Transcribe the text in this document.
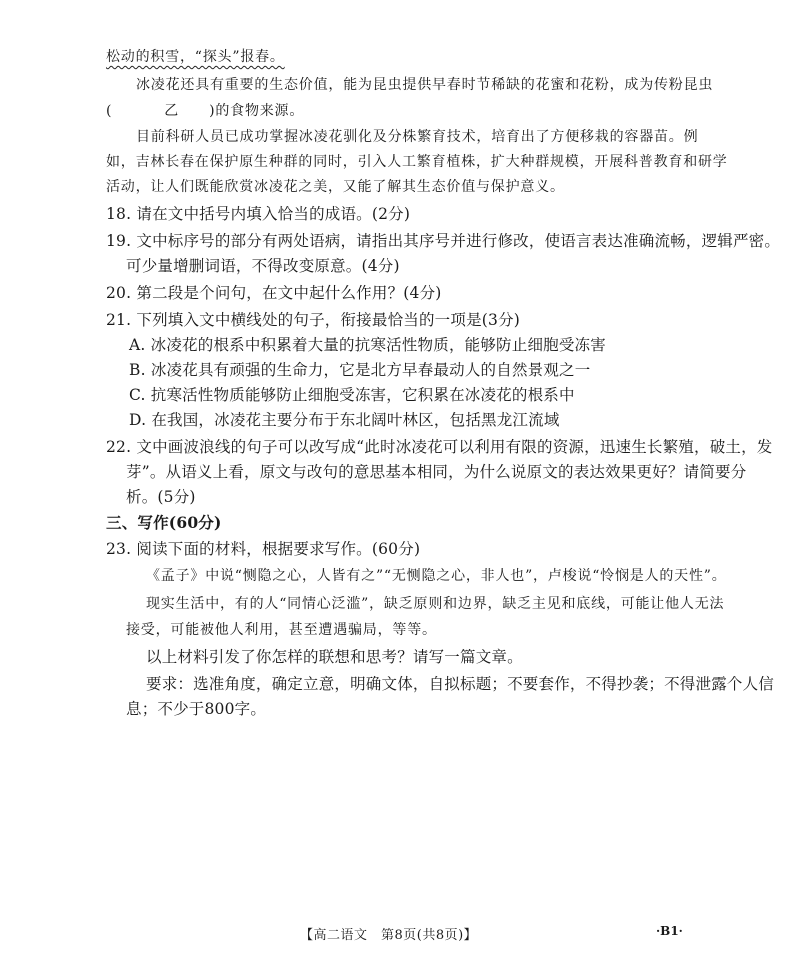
松动的积雪，“探头”报春。
冰凌花还具有重要的生态价值，能为昆虫提供早春时节稀缺的花蜜和花粉，成为传粉昆虫
(	乙 )的食物来源。
目前科研人员已成功掌握冰凌花驯化及分株繁育技术，培育出了方便移栽的容器苗。例
如，吉林长春在保护原生种群的同时，引入人工繁育植株，扩大种群规模，开展科普教育和研学
活动，让人们既能欣赏冰凌花之美，又能了解其生态价值与保护意义。
18. 请在文中括号内填入恰当的成语。(2分)
19. 文中标序号的部分有两处语病，请指出其序号并进行修改，使语言表达准确流畅，逻辑严密。
可少量增删词语，不得改变原意。(4分)
20. 第二段是个问句，在文中起什么作用？(4分)
21. 下列填入文中横线处的句子，衔接最恰当的一项是(3分)
A. 冰凌花的根系中积累着大量的抗寒活性物质，能够防止细胞受冻害
B. 冰凌花具有顽强的生命力，它是北方早春最动人的自然景观之一
C. 抗寒活性物质能够防止细胞受冻害，它积累在冰凌花的根系中
D. 在我国，冰凌花主要分布于东北阔叶林区，包括黑龙江流域
22. 文中画波浪线的句子可以改写成“此时冰凌花可以利用有限的资源，迅速生长繁殖，破土，发
芽”。从语义上看，原文与改句的意思基本相同，为什么说原文的表达效果更好？请简要分
析。(5分)
三、写作(60分)
23. 阅读下面的材料，根据要求写作。(60分)
《孟子》中说“恻隐之心，人皆有之”“无恻隐之心，非人也”，卢梭说“怜悯是人的天性”。
现实生活中，有的人“同情心泛滥”，缺乏原则和边界，缺乏主见和底线，可能让他人无法
接受，可能被他人利用，甚至遭遇骗局，等等。
以上材料引发了你怎样的联想和思考？请写一篇文章。
要求：选准角度，确定立意，明确文体，自拟标题；不要套作，不得抄袭；不得泄露个人信
息；不少于800字。
【高二语文　第8页(共8页)】	·B1·
